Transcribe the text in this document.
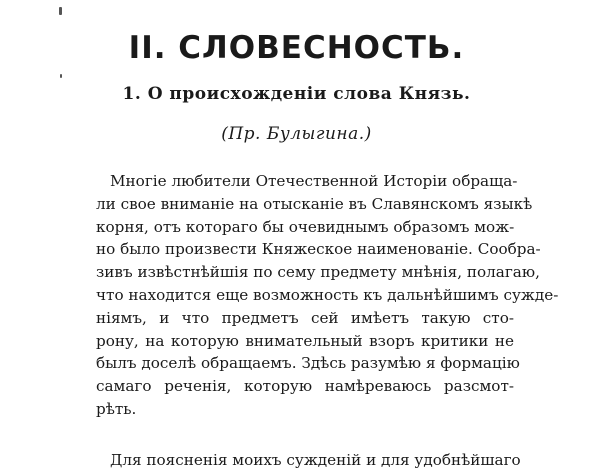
II. СЛОВЕСНОСТЬ.
1. О происхожденiи слова Князь.
(Пр. Булыгина.)
Многiе любители Отечественной Исторiи обраща-
ли свое вниманiе на отысканiе въ Славянскомъ языкѣ
корня, отъ котораго бы очевиднымъ образомъ мож-
но было произвести Княжеское наименованiе. Сообра-
зивъ извѣстнѣйшiя по сему предмету мнѣнiя, полагаю,
что находится еще возможность къ дальнѣйшимъ сужде-
нiямъ, и что предметъ сей имѣетъ такую сто-
рону, на которую внимательный взоръ критики не
былъ доселѣ обращаемъ. Здѣсь разумѣю я формацiю
самаго реченiя, которую намѣреваюсь разсмот-
рѣть.
Для поясненiя моихъ сужденiй и для удобнѣйшаго
